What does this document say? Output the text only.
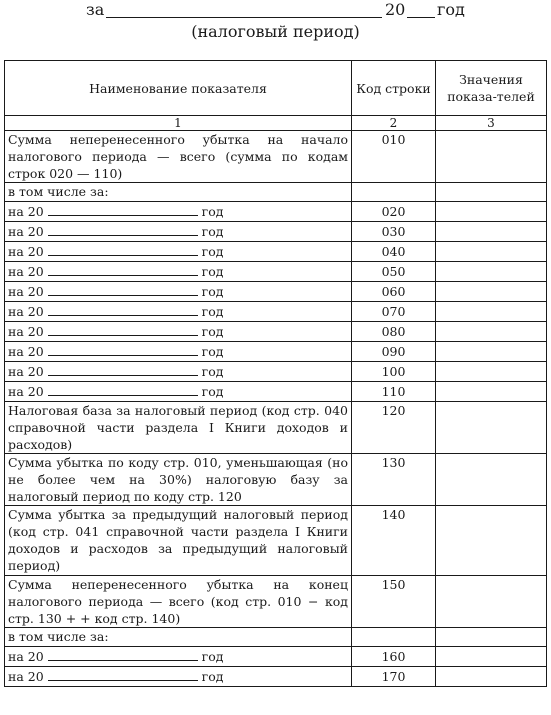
за	20 год
(налоговый период)
Наименование показателя	Код строки	Значения показа-телей
1	2	3
Сумма неперенесенного убытка на начало налогового периода — всего (сумма по кодам строк 020 — 110)	010	
в том числе за:		
на 20 год	020	
на 20 год	030	
на 20 год	040	
на 20 год	050	
на 20 год	060	
на 20 год	070	
на 20 год	080	
на 20 год	090	
на 20 год	100	
на 20 год	110	
Налоговая база за налоговый период (код стр. 040 справочной части раздела I Книги доходов и расходов)	120	
Сумма убытка по коду стр. 010, уменьшающая (но не более чем на 30%) налоговую базу за налоговый период по коду стр. 120	130	
Сумма убытка за предыдущий налоговый период (код стр. 041 справочной части раздела I Книги доходов и расходов за предыдущий налоговый период)	140	
Сумма неперенесенного убытка на конец налогового периода — всего (код стр. 010 − код стр. 130 + + код стр. 140)	150	
в том числе за:		
на 20 год	160	
на 20 год	170	
